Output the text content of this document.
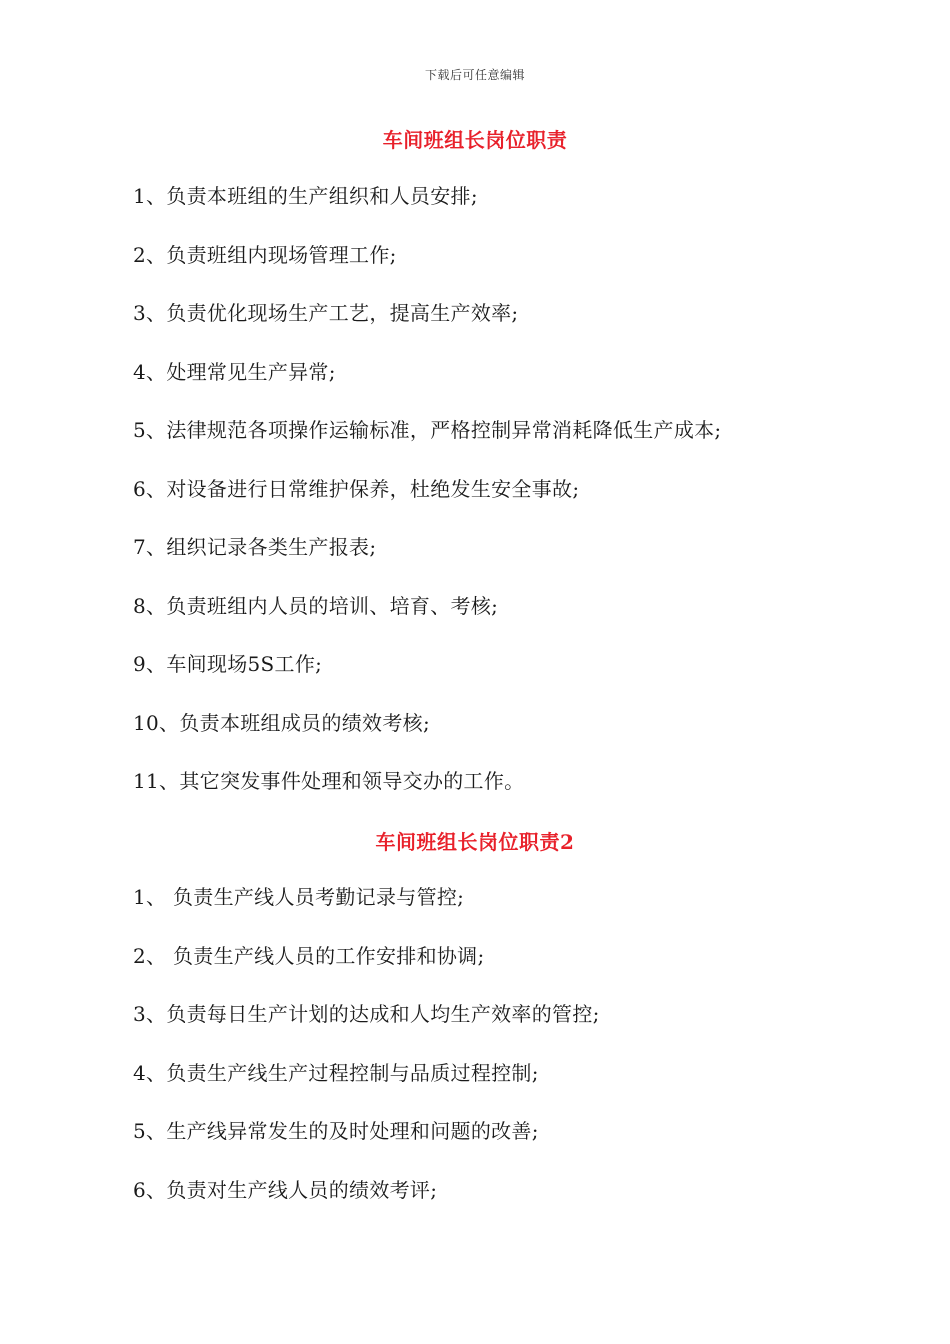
下载后可任意编辑
车间班组长岗位职责
1、负责本班组的生产组织和人员安排;
2、负责班组内现场管理工作;
3、负责优化现场生产工艺，提高生产效率;
4、处理常见生产异常;
5、法律规范各项操作运输标准，严格控制异常消耗降低生产成本;
6、对设备进行日常维护保养，杜绝发生安全事故;
7、组织记录各类生产报表;
8、负责班组内人员的培训、培育、考核;
9、车间现场5S工作;
10、负责本班组成员的绩效考核;
11、其它突发事件处理和领导交办的工作。
车间班组长岗位职责2
1、 负责生产线人员考勤记录与管控;
2、 负责生产线人员的工作安排和协调;
3、负责每日生产计划的达成和人均生产效率的管控;
4、负责生产线生产过程控制与品质过程控制;
5、生产线异常发生的及时处理和问题的改善;
6、负责对生产线人员的绩效考评;
